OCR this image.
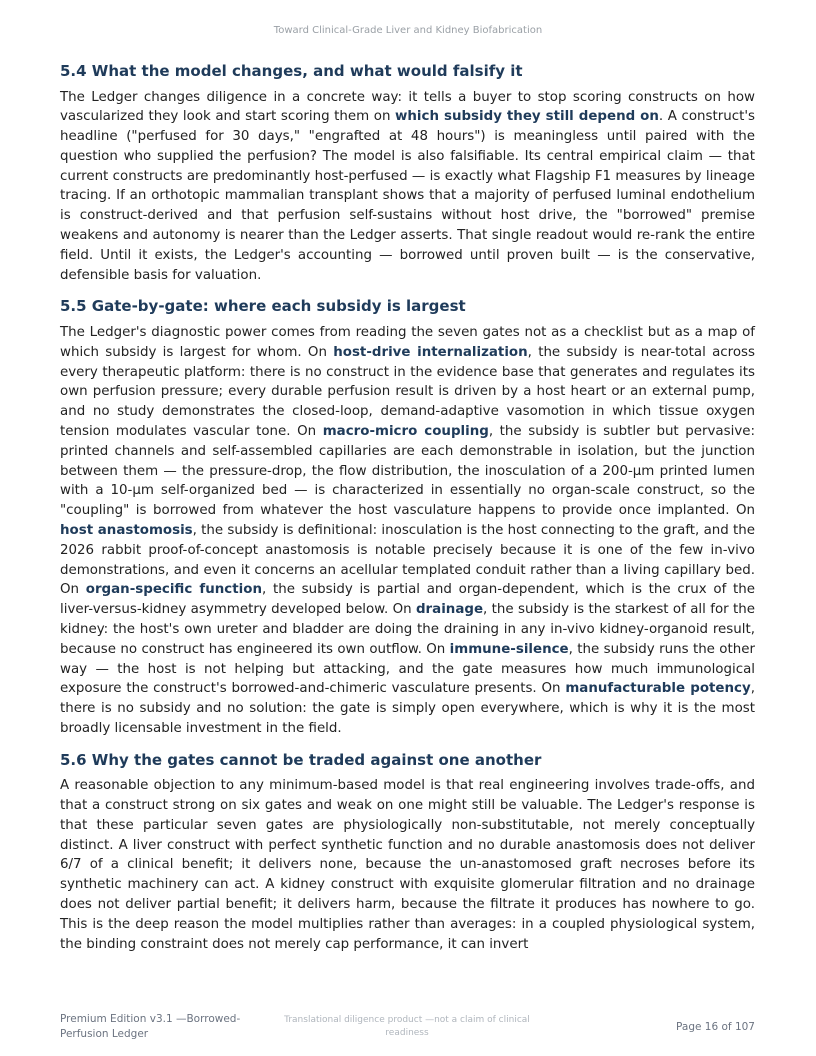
Toward Clinical-Grade Liver and Kidney Biofabrication
5.4 What the model changes, and what would falsify it

The Ledger changes diligence in a concrete way: it tells a buyer to stop scoring constructs on how vascularized they look and start scoring them on which subsidy they still depend on. A construct's headline ("perfused for 30 days," "engrafted at 48 hours") is meaningless until paired with the question who supplied the perfusion? The model is also falsifiable. Its central empirical claim — that current constructs are predominantly host-perfused — is exactly what Flagship F1 measures by lineage tracing. If an orthotopic mammalian transplant shows that a majority of perfused luminal endothelium is construct-derived and that perfusion self-sustains without host drive, the "borrowed" premise weakens and autonomy is nearer than the Ledger asserts. That single readout would re-rank the entire field. Until it exists, the Ledger's accounting — borrowed until proven built — is the conservative, defensible basis for valuation.

5.5 Gate-by-gate: where each subsidy is largest

The Ledger's diagnostic power comes from reading the seven gates not as a checklist but as a map of which subsidy is largest for whom. On host-drive internalization, the subsidy is near-total across every therapeutic platform: there is no construct in the evidence base that generates and regulates its own perfusion pressure; every durable perfusion result is driven by a host heart or an external pump, and no study demonstrates the closed-loop, demand-adaptive vasomotion in which tissue oxygen tension modulates vascular tone. On macro-micro coupling, the subsidy is subtler but pervasive: printed channels and self-assembled capillaries are each demonstrable in isolation, but the junction between them — the pressure-drop, the flow distribution, the inosculation of a 200-μm printed lumen with a 10-μm self-organized bed — is characterized in essentially no organ-scale construct, so the "coupling" is borrowed from whatever the host vasculature happens to provide once implanted. On host anastomosis, the subsidy is definitional: inosculation is the host connecting to the graft, and the 2026 rabbit proof-of-concept anastomosis is notable precisely because it is one of the few in-vivo demonstrations, and even it concerns an acellular templated conduit rather than a living capillary bed. On organ-specific function, the subsidy is partial and organ-dependent, which is the crux of the liver-versus-kidney asymmetry developed below. On drainage, the subsidy is the starkest of all for the kidney: the host's own ureter and bladder are doing the draining in any in-vivo kidney-organoid result, because no construct has engineered its own outflow. On immune-silence, the subsidy runs the other way — the host is not helping but attacking, and the gate measures how much immunological exposure the construct's borrowed-and-chimeric vasculature presents. On manufacturable potency, there is no subsidy and no solution: the gate is simply open everywhere, which is why it is the most broadly licensable investment in the field.

5.6 Why the gates cannot be traded against one another

A reasonable objection to any minimum-based model is that real engineering involves trade-offs, and that a construct strong on six gates and weak on one might still be valuable. The Ledger's response is that these particular seven gates are physiologically non-substitutable, not merely conceptually distinct. A liver construct with perfect synthetic function and no durable anastomosis does not deliver 6/7 of a clinical benefit; it delivers none, because the un-anastomosed graft necroses before its synthetic machinery can act. A kidney construct with exquisite glomerular filtration and no drainage does not deliver partial benefit; it delivers harm, because the filtrate it produces has nowhere to go. This is the deep reason the model multiplies rather than averages: in a coupled physiological system, the binding constraint does not merely cap performance, it can invert

Premium Edition v3.1 —Borrowed-Perfusion Ledger
Translational diligence product —not a claim of clinical readiness	Page 16 of 107
